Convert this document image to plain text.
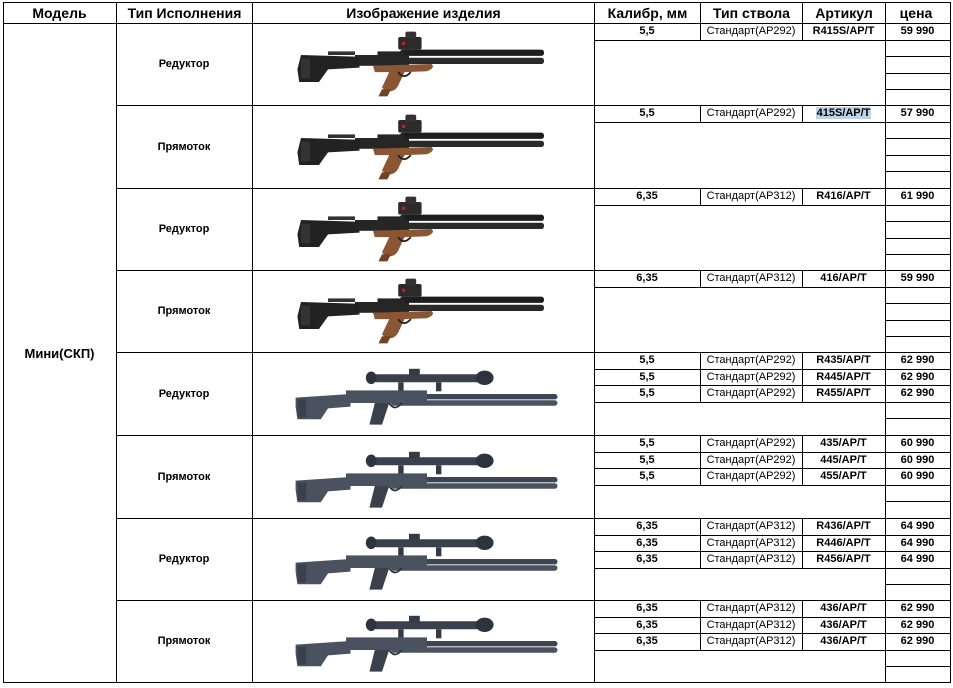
Модель	Тип Исполнения	Изображение изделия	Калибр, мм	Тип ствола	Артикул	цена
Мини(СКП)
Редуктор
5,5	Стандарт(АР292) R415S/AP/T 59 990
Прямоток
5,5	Стандарт(АР292) 415S/AP/T	57 990
Редуктор
6,35	Стандарт(АР312) R416/AP/T	61 990
Прямоток
6,35	Стандарт(АР312) 416/AP/T	59 990
Редуктор
5,5	Стандарт(АР292) R435/AP/T	62 990
5,5	Стандарт(АР292) R445/AP/T	62 990
5,5	Стандарт(АР292) R455/AP/T	62 990
Прямоток
5,5	Стандарт(АР292) 435/AP/T	60 990
5,5	Стандарт(АР292) 445/AP/T	60 990
5,5	Стандарт(АР292) 455/AP/T	60 990
Редуктор
6,35	Стандарт(АР312) R436/AP/T	64 990
6,35	Стандарт(АР312) R446/AP/T	64 990
6,35	Стандарт(АР312) R456/AP/T	64 990
Прямоток
6,35	Стандарт(АР312) 436/AP/T	62 990
6,35	Стандарт(АР312) 436/AP/T	62 990
6,35	Стандарт(АР312) 436/AP/T	62 990
